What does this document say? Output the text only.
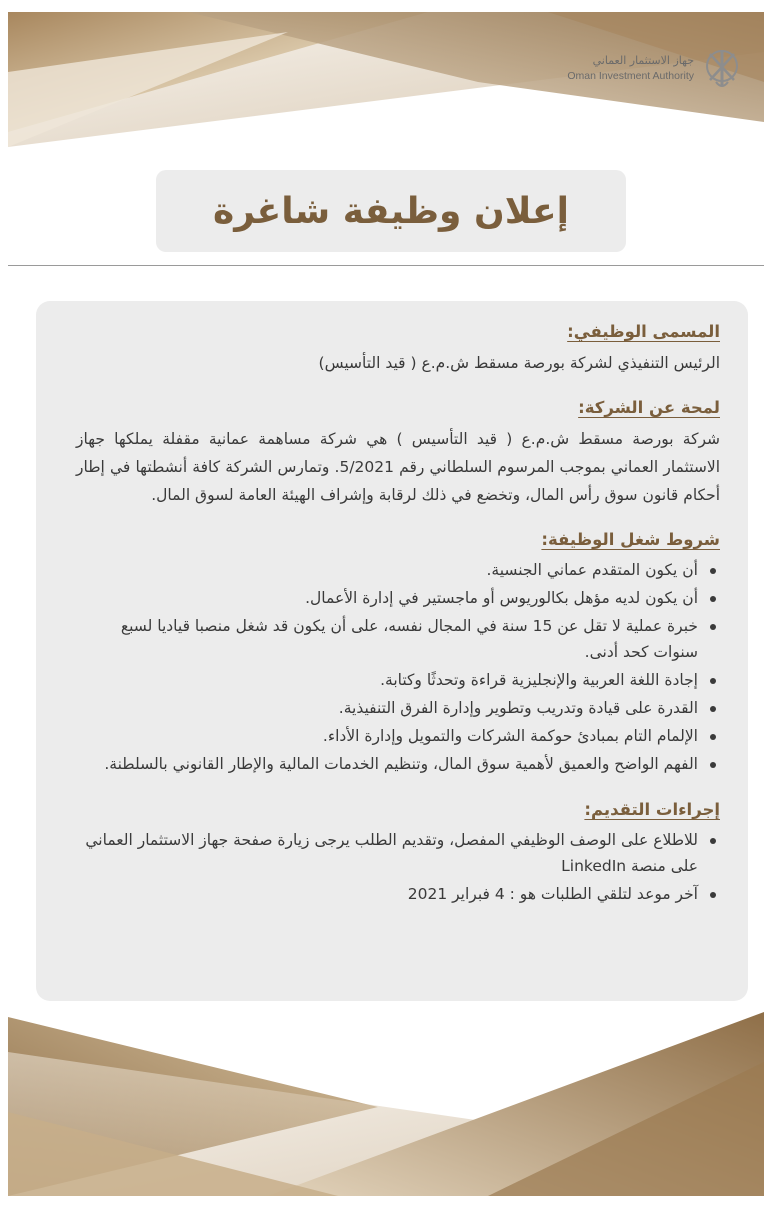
جهاز الاستثمار العماني
Oman Investment Authority
إعلان وظيفة شاغرة
المسمى الوظيفي:

الرئيس التنفيذي لشركة بورصة مسقط ش.م.ع ( قيد التأسيس)

لمحة عن الشركة:

شركة بورصة مسقط ش.م.ع ( قيد التأسيس ) هي شركة مساهمة عمانية مقفلة يملكها جهاز الاستثمار العماني بموجب المرسوم السلطاني رقم 5/2021. وتمارس الشركة كافة أنشطتها في إطار أحكام قانون سوق رأس المال، وتخضع في ذلك لرقابة وإشراف الهيئة العامة لسوق المال.

شروط شغل الوظيفة:
أن يكون المتقدم عماني الجنسية.
أن يكون لديه مؤهل بكالوريوس أو ماجستير في إدارة الأعمال.
خبرة عملية لا تقل عن 15 سنة في المجال نفسه، على أن يكون قد شغل منصبا قياديا لسبع سنوات كحد أدنى.
إجادة اللغة العربية والإنجليزية قراءة وتحدثًا وكتابة.
القدرة على قيادة وتدريب وتطوير وإدارة الفرق التنفيذية.
الإلمام التام بمبادئ حوكمة الشركات والتمويل وإدارة الأداء.
الفهم الواضح والعميق لأهمية سوق المال، وتنظيم الخدمات المالية والإطار القانوني بالسلطنة.
إجراءات التقديم:
للاطلاع على الوصف الوظيفي المفصل، وتقديم الطلب يرجى زيارة صفحة جهاز الاستثمار العماني على منصة LinkedIn
آخر موعد لتلقي الطلبات هو : 4 فبراير 2021
